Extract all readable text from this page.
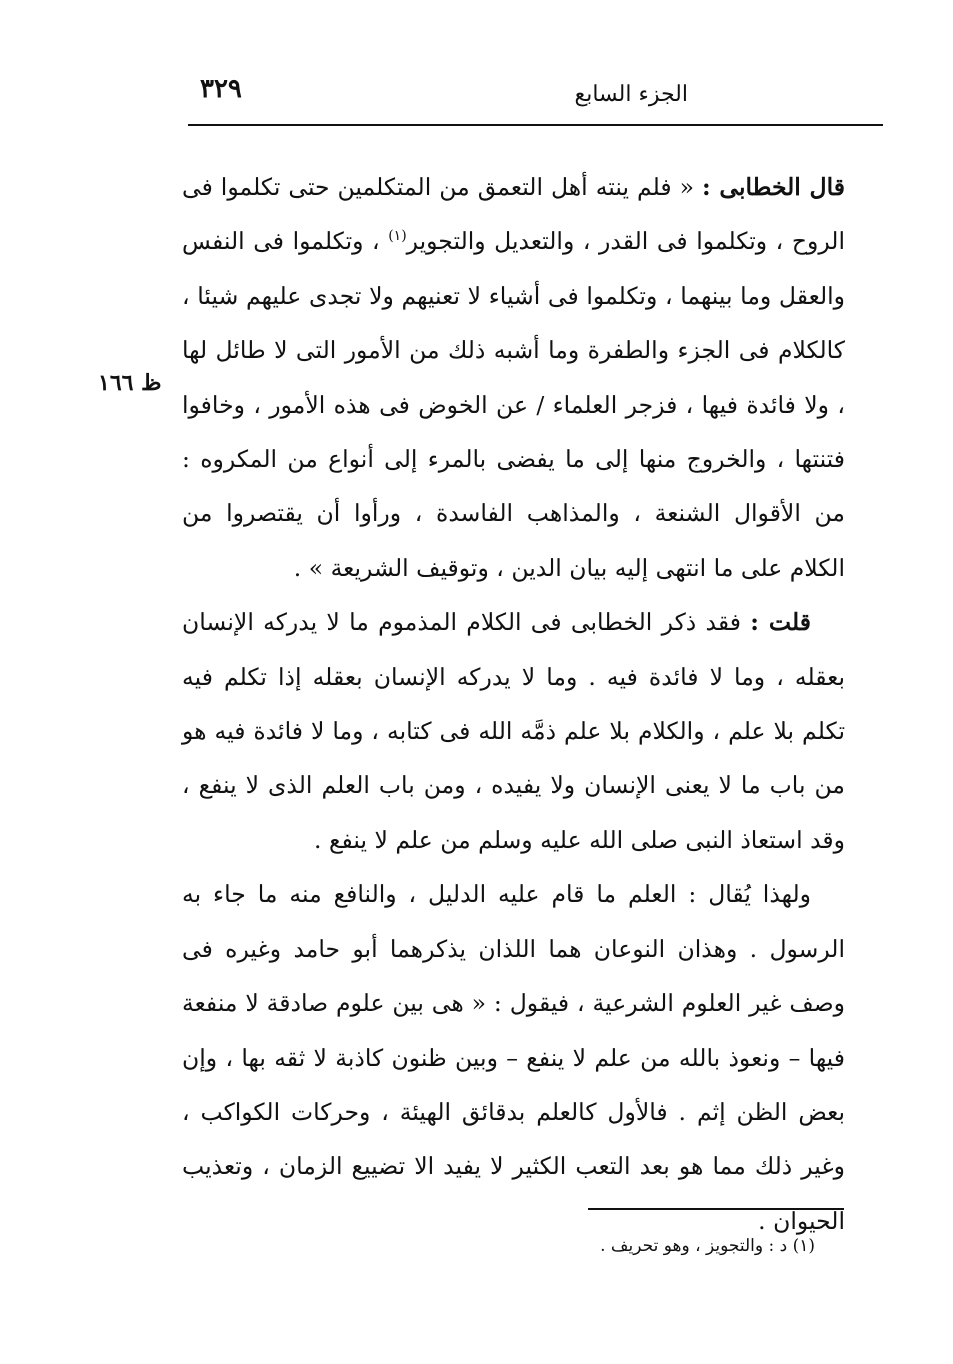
الجزء السابع
٣٢٩
ظ ١٦٦

قال الخطابى : « فلم ينته أهل التعمق من المتكلمين حتى تكلموا فى الروح ، وتكلموا فى القدر ، والتعديل والتجوير$^{(١)}$ ، وتكلموا فى النفس والعقل وما بينهما ، وتكلموا فى أشياء لا تعنيهم ولا تجدى عليهم شيئا ، كالكلام فى الجزء والطفرة وما أشبه ذلك من الأمور التى لا طائل لها ، ولا فائدة فيها ، فزجر العلماء / عن الخوض فى هذه الأمور ، وخافوا فتنتها ، والخروج منها إلى ما يفضى بالمرء إلى أنواع من المكروه : من الأقوال الشنعة ، والمذاهب الفاسدة ، ورأوا أن يقتصروا من الكلام على ما انتهى إليه بيان الدين ، وتوقيف الشريعة » .

قلت : فقد ذكر الخطابى فى الكلام المذموم ما لا يدركه الإنسان بعقله ، وما لا فائدة فيه . وما لا يدركه الإنسان بعقله إذا تكلم فيه تكلم بلا علم ، والكلام بلا علم ذمَّه الله فى كتابه ، وما لا فائدة فيه هو من باب ما لا يعنى الإنسان ولا يفيده ، ومن باب العلم الذى لا ينفع ، وقد استعاذ النبى صلى الله عليه وسلم من علم لا ينفع .

ولهذا يُقال : العلم ما قام عليه الدليل ، والنافع منه ما جاء به الرسول . وهذان النوعان هما اللذان يذكرهما أبو حامد وغيره فى وصف غير العلوم الشرعية ، فيقول : « هى بين علوم صادقة لا منفعة فيها – ونعوذ بالله من علم لا ينفع – وبين ظنون كاذبة لا ثقه بها ، وإن بعض الظن إثم . فالأول كالعلم بدقائق الهيئة ، وحركات الكواكب ، وغير ذلك مما هو بعد التعب الكثير لا يفيد الا تضييع الزمان ، وتعذيب الحيوان .

(١) د : والتجويز ، وهو تحريف .
